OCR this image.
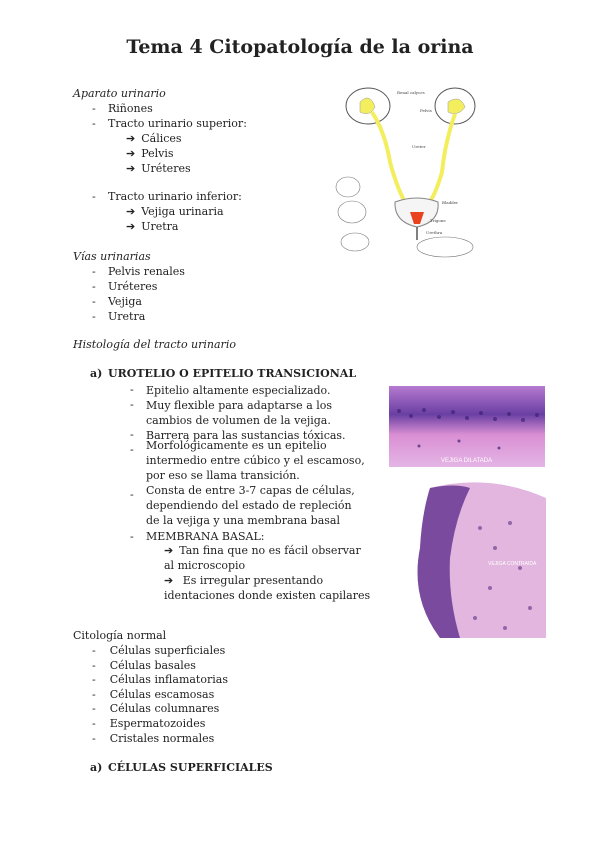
Tema 4 Citopatología de la orina
Aparato urinario
- Riñones
- Tracto urinario superior:
➔ Cálices
➔ Pelvis
➔ Uréteres
- Tracto urinario inferior:
➔ Vejiga urinaria
➔ Uretra
Vías urinarias
- Pelvis renales
- Uréteres
- Vejiga
- Uretra
Histología del tracto urinario
a) UROTELIO O EPITELIO TRANSICIONAL
- Epitelio altamente especializado.
- Muy flexible para adaptarse a los cambios de volumen de la vejiga.
- Barrera para las sustancias tóxicas.
- Morfológicamente es un epitelio intermedio entre cúbico y el escamoso, por eso se llama transición.
- Consta de entre 3-7 capas de células, dependiendo del estado de repleción de la vejiga y una membrana basal
- MEMBRANA BASAL:
➔ Tan fina que no es fácil observar al microscopio
➔ Es irregular presentando identaciones donde existen capilares
Citología normal
-    Células superficiales
-    Células basales
-    Células inflamatorias
-    Células escamosas
-    Células columnares
-    Espermatozoides
-    Cristales normales
a) CÉLULAS SUPERFICIALES
Renal calyces
Pelvis
Ureter
Bladder
Trigone
Urethra
VEJIGA DILATADA
VEJIGA CONTRAIDA
